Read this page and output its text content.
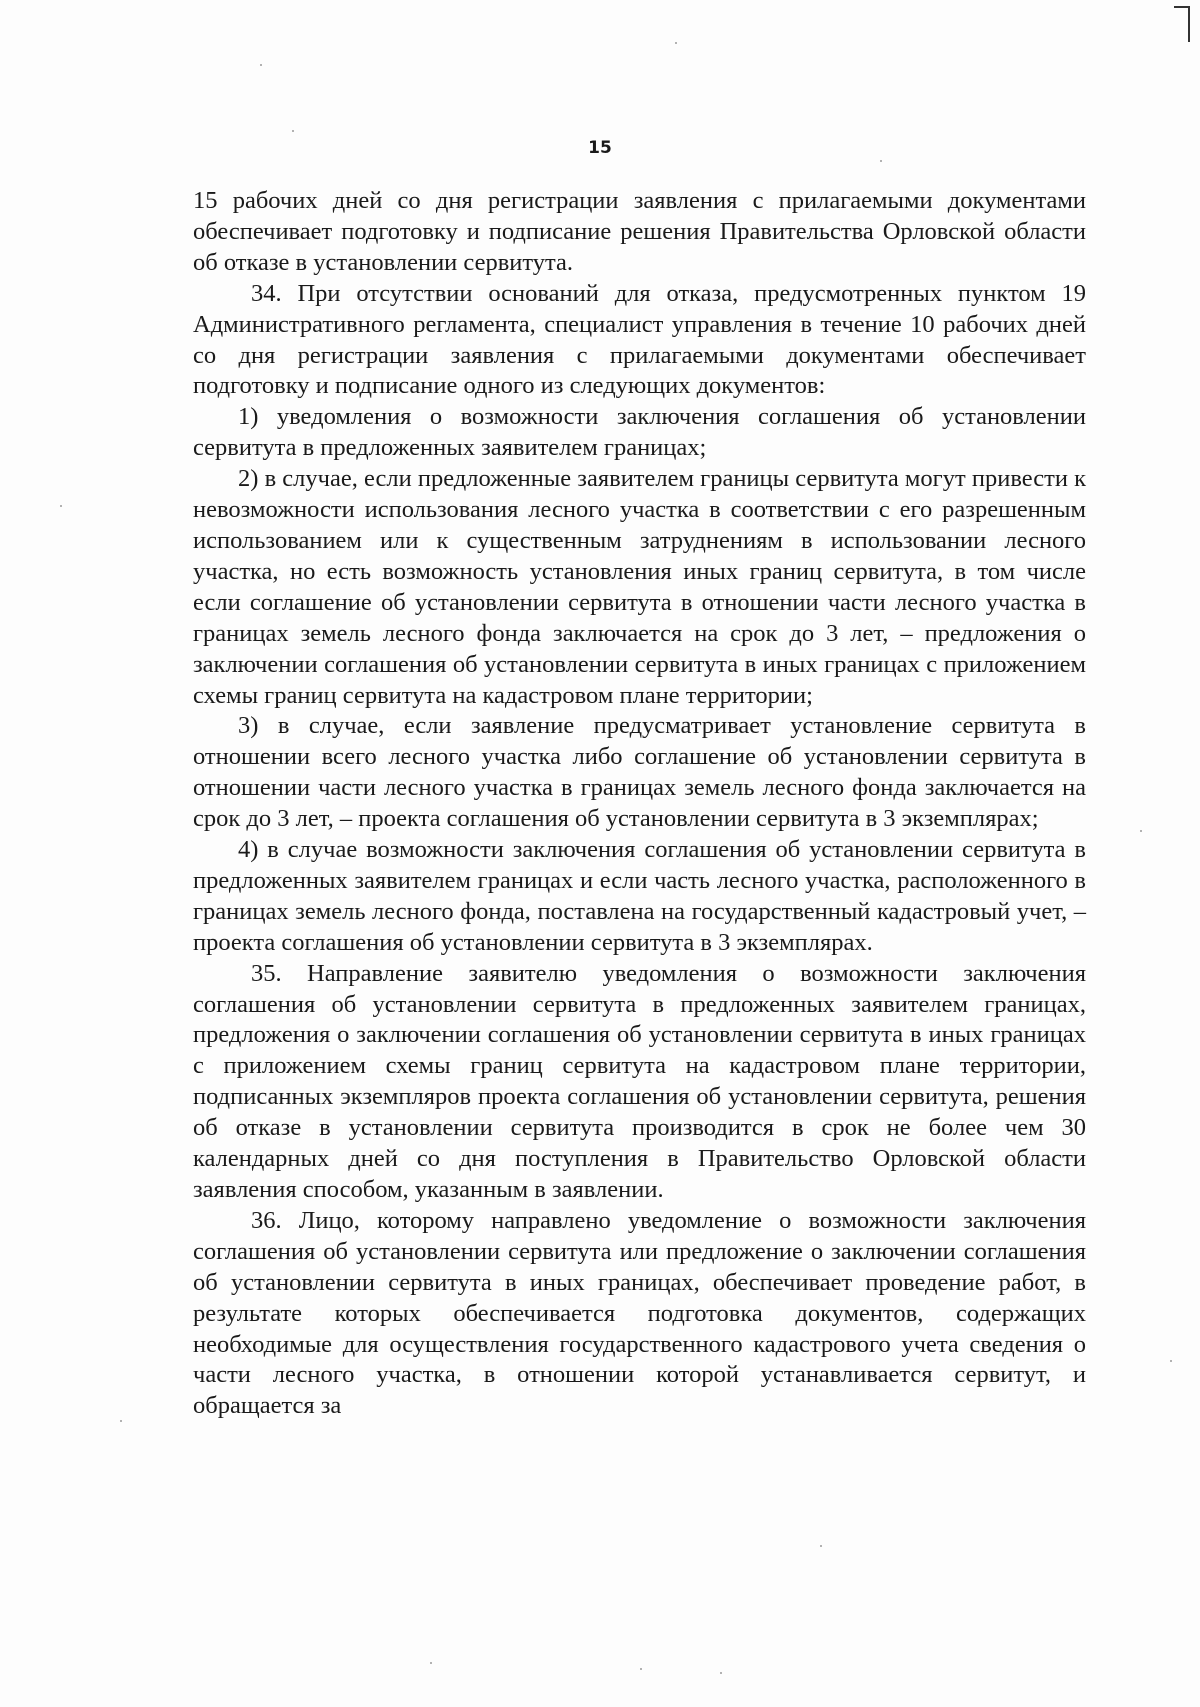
15

15 рабочих дней со дня регистрации заявления с прилагаемыми документами обеспечивает подготовку и подписание решения Правительства Орловской области об отказе в установлении сервитута.

34. При отсутствии оснований для отказа, предусмотренных пунктом 19 Административного регламента, специалист управления в течение 10 рабочих дней со дня регистрации заявления с прилагаемыми документами обеспечивает подготовку и подписание одного из следующих документов:

1) уведомления о возможности заключения соглашения об установлении сервитута в предложенных заявителем границах;

2) в случае, если предложенные заявителем границы сервитута могут привести к невозможности использования лесного участка в соответствии с его разрешенным использованием или к существенным затруднениям в использовании лесного участка, но есть возможность установления иных границ сервитута, в том числе если соглашение об установлении сервитута в отношении части лесного участка в границах земель лесного фонда заключается на срок до 3 лет, – предложения о заключении соглашения об установлении сервитута в иных границах с приложением схемы границ сервитута на кадастровом плане территории;

3) в случае, если заявление предусматривает установление сервитута в отношении всего лесного участка либо соглашение об установлении сервитута в отношении части лесного участка в границах земель лесного фонда заключается на срок до 3 лет, – проекта соглашения об установлении сервитута в 3 экземплярах;

4) в случае возможности заключения соглашения об установлении сервитута в предложенных заявителем границах и если часть лесного участка, расположенного в границах земель лесного фонда, поставлена на государственный кадастровый учет, – проекта соглашения об установлении сервитута в 3 экземплярах.

35. Направление заявителю уведомления о возможности заключения соглашения об установлении сервитута в предложенных заявителем границах, предложения о заключении соглашения об установлении сервитута в иных границах с приложением схемы границ сервитута на кадастровом плане территории, подписанных экземпляров проекта соглашения об установлении сервитута, решения об отказе в установлении сервитута производится в срок не более чем 30 календарных дней со дня поступления в Правительство Орловской области заявления способом, указанным в заявлении.

36. Лицо, которому направлено уведомление о возможности заключения соглашения об установлении сервитута или предложение о заключении соглашения об установлении сервитута в иных границах, обеспечивает проведение работ, в результате которых обеспечивается подготовка документов, содержащих необходимые для осуществления государственного кадастрового учета сведения о части лесного участка, в отношении которой устанавливается сервитут, и обращается за
